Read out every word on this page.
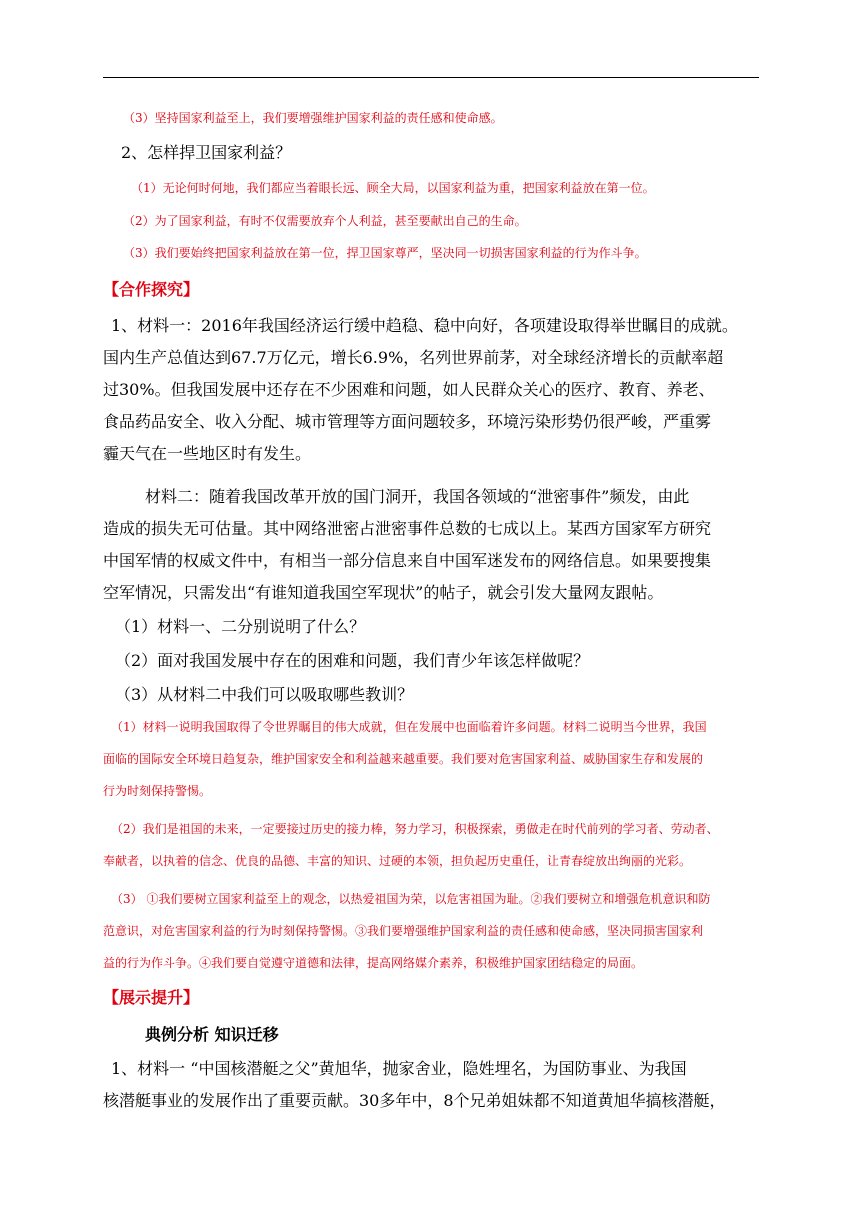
（3）坚持国家利益至上，我们要增强维护国家利益的责任感和使命感。
2、怎样捍卫国家利益？
（1）无论何时何地，我们都应当着眼长远、顾全大局，以国家利益为重，把国家利益放在第一位。
（2）为了国家利益，有时不仅需要放弃个人利益，甚至要献出自己的生命。
（3）我们要始终把国家利益放在第一位，捍卫国家尊严，坚决同一切损害国家利益的行为作斗争。
【合作探究】
1、材料一：2016年我国经济运行缓中趋稳、稳中向好，各项建设取得举世瞩目的成就。
国内生产总值达到67.7万亿元，增长6.9%，名列世界前茅，对全球经济增长的贡献率超
过30%。但我国发展中还存在不少困难和问题，如人民群众关心的医疗、教育、养老、
食品药品安全、收入分配、城市管理等方面问题较多，环境污染形势仍很严峻，严重雾
霾天气在一些地区时有发生。
材料二：随着我国改革开放的国门洞开，我国各领域的“泄密事件”频发，由此
造成的损失无可估量。其中网络泄密占泄密事件总数的七成以上。某西方国家军方研究
中国军情的权威文件中，有相当一部分信息来自中国军迷发布的网络信息。如果要搜集
空军情况，只需发出“有谁知道我国空军现状”的帖子，就会引发大量网友跟帖。
（1）材料一、二分别说明了什么？
（2）面对我国发展中存在的困难和问题，我们青少年该怎样做呢？
（3）从材料二中我们可以吸取哪些教训？
（1）材料一说明我国取得了令世界瞩目的伟大成就，但在发展中也面临着许多问题。材料二说明当今世界，我国
面临的国际安全环境日趋复杂，维护国家安全和利益越来越重要。我们要对危害国家利益、威胁国家生存和发展的
行为时刻保持警惕。
（2）我们是祖国的未来，一定要接过历史的接力棒，努力学习，积极探索，勇做走在时代前列的学习者、劳动者、
奉献者，以执着的信念、优良的品德、丰富的知识、过硬的本领，担负起历史重任，让青春绽放出绚丽的光彩。
（3） ①我们要树立国家利益至上的观念，以热爱祖国为荣，以危害祖国为耻。②我们要树立和增强危机意识和防
范意识，对危害国家利益的行为时刻保持警惕。③我们要增强维护国家利益的责任感和使命感，坚决同损害国家利
益的行为作斗争。④我们要自觉遵守道德和法律，提高网络媒介素养，积极维护国家团结稳定的局面。
【展示提升】
典例分析 知识迁移
1、材料一 “中国核潜艇之父”黄旭华，抛家舍业，隐姓埋名，为国防事业、为我国
核潜艇事业的发展作出了重要贡献。30多年中，8个兄弟姐妹都不知道黄旭华搞核潜艇，
